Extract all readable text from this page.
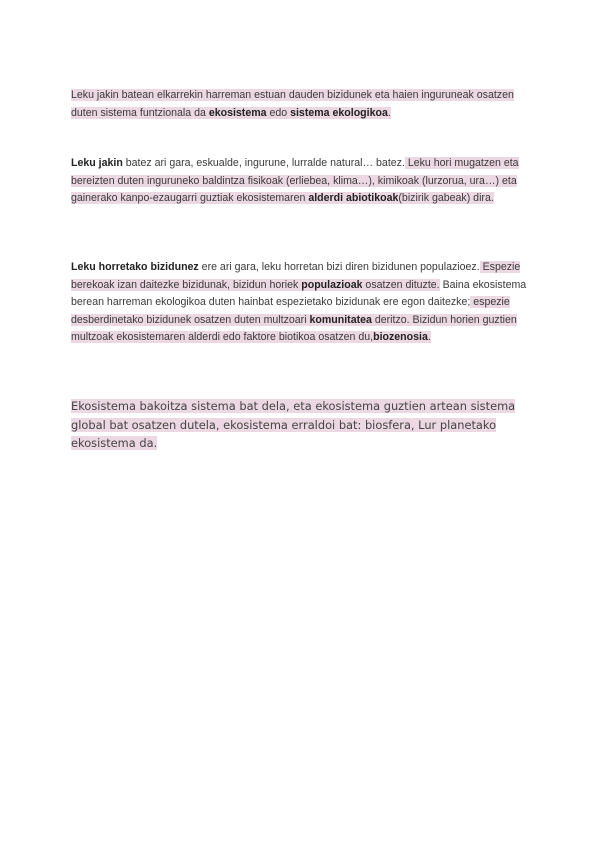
Leku jakin batean elkarrekin harreman estuan dauden bizidunek eta haien inguruneak osatzen duten sistema funtzionala da ekosistema edo sistema ekologikoa.

Leku jakin batez ari gara, eskualde, ingurune, lurralde natural… batez. Leku hori mugatzen eta bereizten duten inguruneko baldintza fisikoak (erliebea, klima…), kimikoak (lurzorua, ura…) eta gainerako kanpo-ezaugarri guztiak ekosistemaren alderdi abiotikoak(bizirik gabeak) dira.

Leku horretako bizidunez ere ari gara, leku horretan bizi diren bizidunen populazioez. Espezie berekoak izan daitezke bizidunak, bizidun horiek populazioak osatzen dituzte. Baina ekosistema berean harreman ekologikoa duten hainbat espezietako bizidunak ere egon daitezke; espezie desberdinetako bizidunek osatzen duten multzoari komunitatea deritzo. Bizidun horien guztien multzoak ekosistemaren alderdi edo faktore biotikoa osatzen du,biozenosia.

Ekosistema bakoitza sistema bat dela, eta ekosistema guztien artean sistema global bat osatzen dutela, ekosistema erraldoi bat: biosfera, Lur planetako ekosistema da.
